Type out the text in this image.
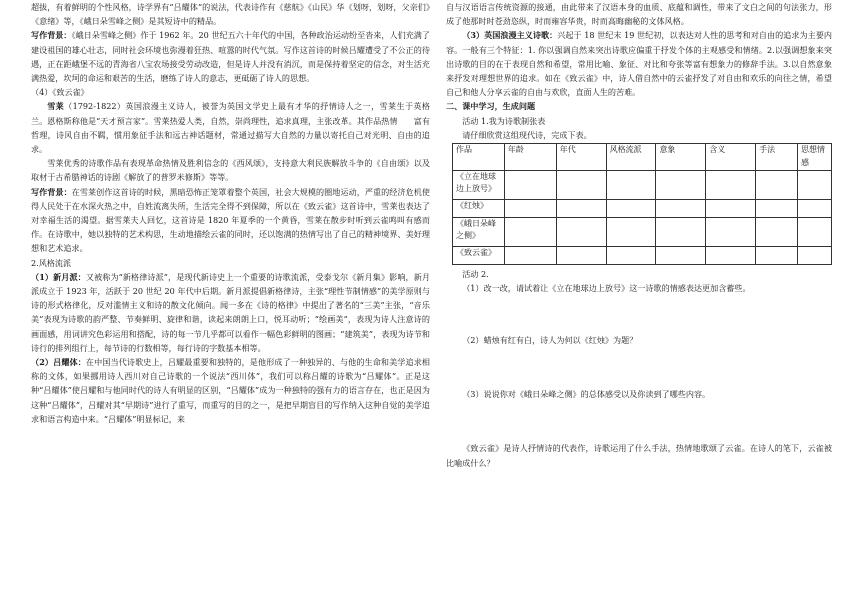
超拔，有着鲜明的个性风格，诗学界有“吕耀体”的说法，代表诗作有《慈航》《山民》华《划呀，划呀，父亲们》《意绪》等，《峨日朵雪峰之侧》是其短诗中的精品。

写作背景：《峨日朵雪峰之侧》作于 1962 年。20 世纪五六十年代的中国，各种政治运动纷至沓来，人们充满了建设祖国的雄心壮志，同时社会环境也弥漫着狂热、喧嚣的时代气氛。写作这首诗的时候吕耀遭受了不公正的待遇，正在距峨堡不远的青海省八宝农场接受劳动改造，但是诗人并没有消沉，而是保持着坚定的信念，对生活充满热爱，坎坷的命运和艰苦的生活，磨练了诗人的意志，更砥砺了诗人的思想。

（4）《致云雀》

雪莱（1792-1822）英国浪漫主义诗人，被誉为英国文学史上最有才华的抒情诗人之一，雪莱生于英格兰。恩格斯称他是“天才预言家”。雪莱热爱人类，自然，崇尚理性，追求真理，主张改革。其作品热情　　富有哲理，诗风自由不羁，惯用象征手法和远古神话题材，常通过描写大自然的力量以寄托自己对光明、自由的追求。

雪莱优秀的诗歌作品有表现革命热情及胜利信念的《西风颂》，支持意大利民族解放斗争的《自由颂》以及取材于古希腊神话的诗剧《解放了的普罗米修斯》等等。

写作背景：在雪莱创作这首诗的时候，黑暗恐怖正笼罩着整个英国，社会大规模的圈地运动，严重的经济危机使得人民处于在水深火热之中，自姓流离失所，生活完全得不到保障，所以在《致云雀》这首诗中，雪莱也表达了对幸福生活的渴望。据雪莱夫人回忆，这首诗是 1820 年夏季的一个黄昏，雪莱在散步时听到云雀鸣叫有感而作。在诗歌中，她以独特的艺术构思，生动地描绘云雀的同时，还以饱满的热情写出了自己的精神境界、美好理想和艺术追求。

2.风格流派

（1）新月派：又被称为“新格律诗派”，是现代新诗史上一个重要的诗歌流派，受泰戈尔《新月集》影响，新月派成立于 1923 年，活跃于 20 世纪 20 年代中后期。新月派提倡新格律诗，主张“理性节制情感”的美学原则与诗的形式格律化，反对滥情主义和诗的散文化倾向。闻一多在《诗的格律》中提出了著名的“三美”主张，“音乐美”表现为诗歌的韵严整、节奏鲜明、旋律和谐，读起来朗朗上口，悦耳动听；“绘画美”，表现为诗人注意诗的画面感，用词讲究色彩运用和搭配，诗的每一节几乎都可以看作一幅色彩鲜明的图画；“建筑美”，表现为诗节和诗行的排列组行上，每节诗的行数相等，每行诗的字数基本相等。

（2）吕耀体：在中国当代诗歌史上，吕耀最重要和独特的，是他形成了一种独异的、与他的生命和美学追求相称的文体，如果挪用诗人西川对自己诗歌的一个说法“西川体”，我们可以称吕耀的诗歌为“吕耀体”。正是这种“吕耀体”使吕耀和与他同时代的诗人有明显的区别，“吕耀体”成为一种独特的强有力的语言存在，也正是因为这种“吕耀体”，吕耀对其“早期诗”进行了重写，而重写的目的之一，是把早期盲目的写作纳入这种自觉的美学追求和语言构造中来。“吕耀体”明显标记，来

自与汉语语言传统资源的接通，由此带来了汉语本身的血质、底蕴和调性，带来了文白之间的句法张力，形成了他那时时苍劲恣纵，时而雍容华贵，时而高晦幽秘的文体风格。

（3）英国浪漫主义诗歌：兴起于 18 世纪末 19 世纪初，以表达对人性的思考和对自由的追求为主要内容。一般有三个特征：1. 你以强调自然来突出诗歌应偏重于抒发个体的主观感受和情绪。2.以强调想象来突出诗歌的目的在于表现自然和希望，常用比喻、象征、对比和夸张等富有想象力的修辞手法。3.以自然意象来抒发对理想世界的追求。如在《致云雀》中，诗人借自然中的云雀抒发了对自由和欢乐的向往之情，希望自己和他人分享云雀的自由与欢欣，直面人生的苦难。

二、课中学习，生成问题

活动 1.我为诗歌制张表

请仔细欣赏这组现代诗，完成下表。

作品	年龄	年代	风格流派	意象	含义	手法	思想情感
《立在地球边上放号》							
《红烛》							
《峨日朵峰之侧》							
《致云雀》							

活动 2.

（1）改一改，请试着让《立在地球边上放号》这一诗歌的情感表达更加含蓄些。

（2）蜡烛有红有白，诗人为何以《红烛》为题？

（3）说说你对《峨日朵峰之侧》的总体感受以及你读到了哪些内容。

《致云雀》是诗人抒情诗的代表作，诗歌运用了什么手法，热情地歌颂了云雀。在诗人的笔下，云雀被比喻成什么？
